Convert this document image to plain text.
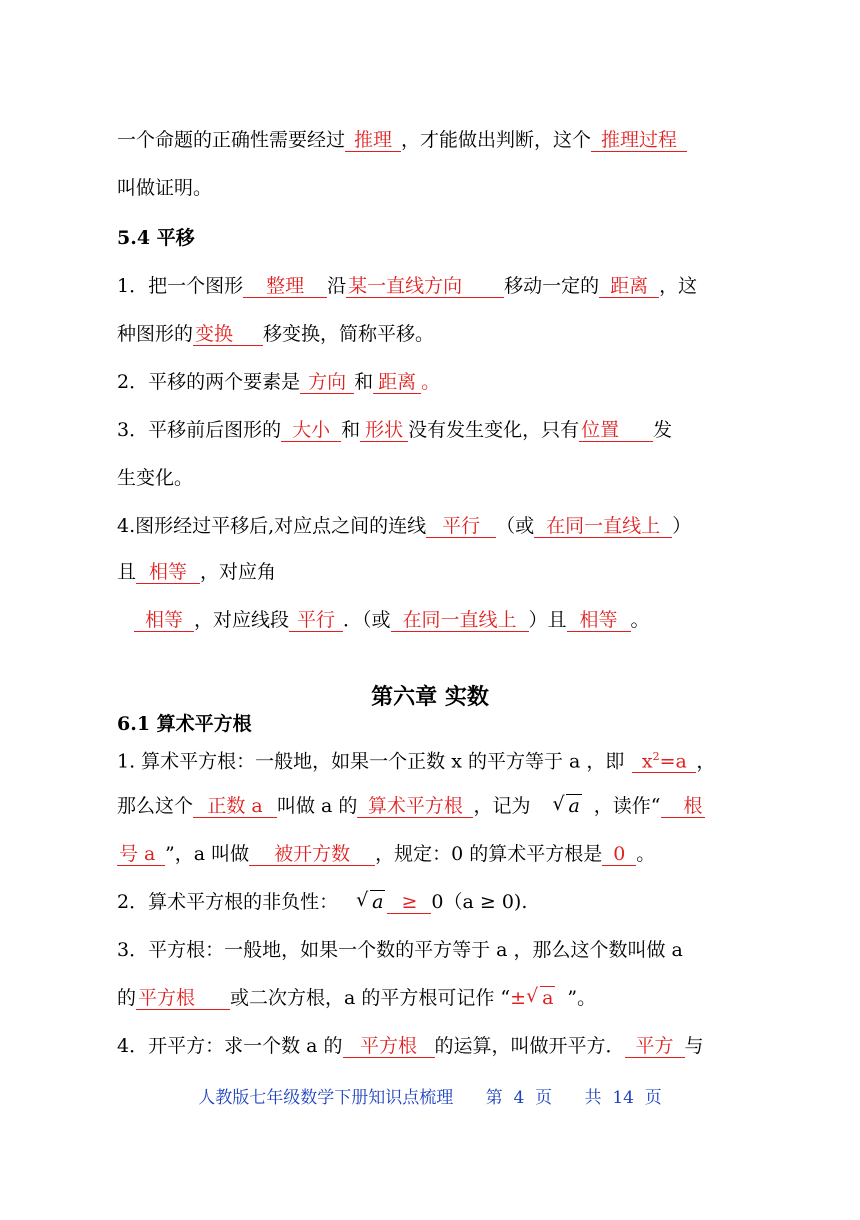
一个命题的正确性需要经过 推理 ，才能做出判断，这个 推理过程
叫做证明。
5.4 平移
1．把一个图形 整理 沿 某一直线方向 移动一定的 距离 ，这
种图形的 变换 移变换，简称平移。
2．平移的两个要素是 方向 和 距离 。
3．平移前后图形的 大小 和 形状 没有发生变化，只有 位置 发
生变化。
4.图形经过平移后,对应点之间的连线 平行 （或 在同一直线上 ）
且 相等 ，对应角
相等 ，对应线段 平行 ．（或 在同一直线上 ）且 相等 。
第六章 实数
6.1 算术平方根
1. 算术平方根：一般地，如果一个正数 x 的平方等于 a ，即 $x^2=a$ ，
那么这个 正数 a 叫做 a 的 算术平方根 ，记为 √ a ，读作“ 根
号 a ”，a 叫做 被开方数 ，规定：0 的算术平方根是 0 。
2．算术平方根的非负性： √ a ≥ 0（a ≥ 0).
3．平方根：一般地，如果一个数的平方等于 a ，那么这个数叫做 a
的 平方根 或二次方根，a 的平方根可记作 “± √ a ”。
4．开平方：求一个数 a 的 平方根 的运算，叫做开平方． 平方 与
人教版七年级数学下册知识点梳理      第  4  页      共  14  页
